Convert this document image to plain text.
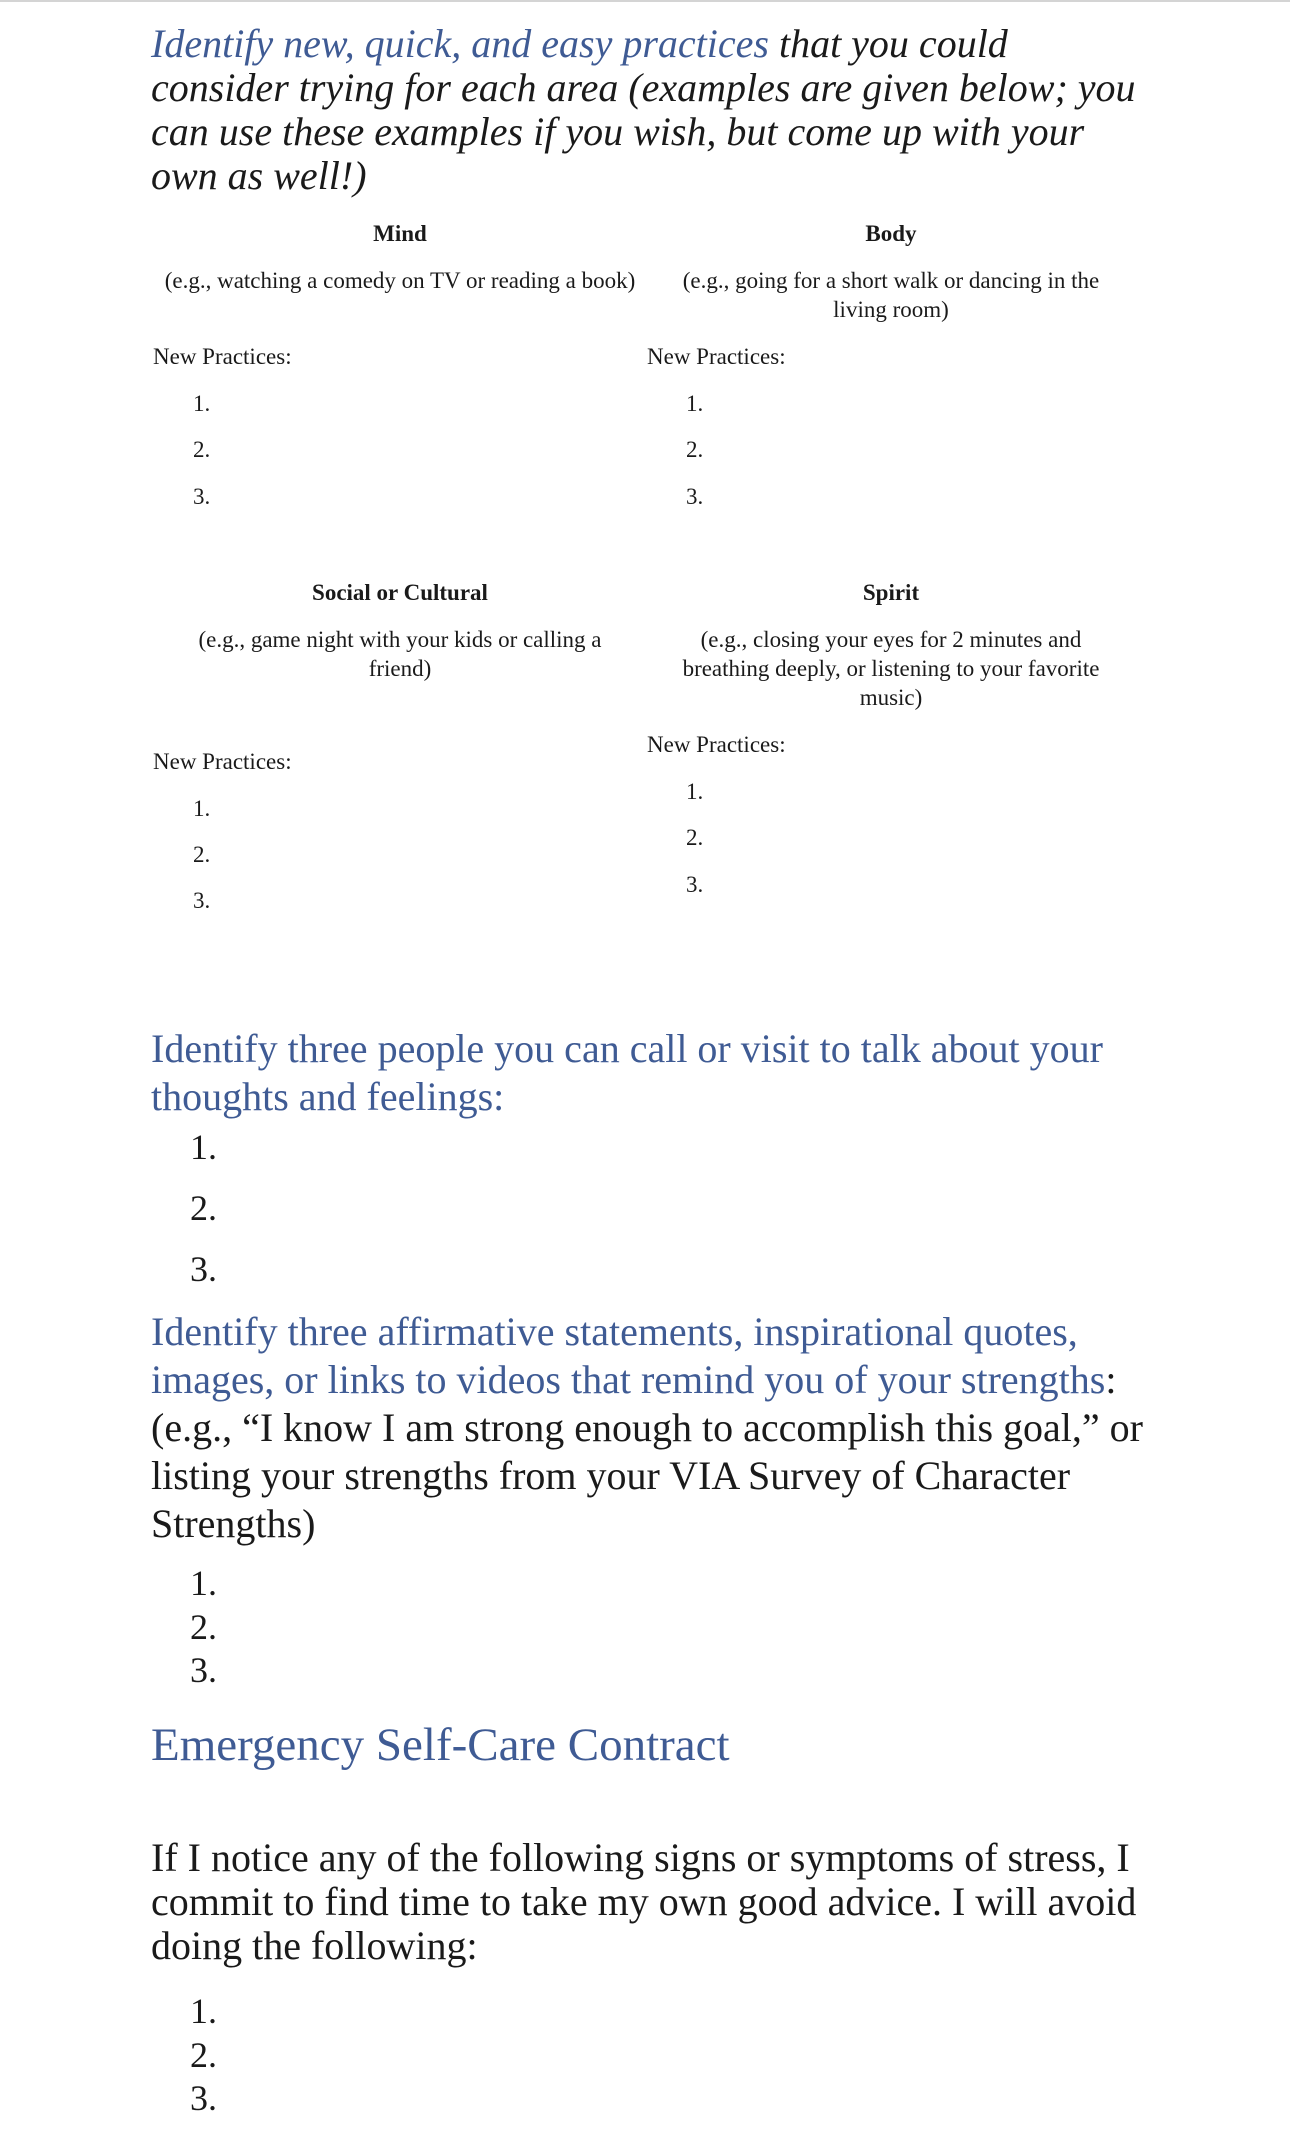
Identify new, quick, and easy practices that you could consider trying for each area (examples are given below; you can use these examples if you wish, but come up with your own as well!)
Mind
(e.g., watching a comedy on TV or reading a book)
New Practices:
1.
2.
3.
Body
(e.g., going for a short walk or dancing in the living room)
New Practices:
1.
2.
3.
Social or Cultural
(e.g., game night with your kids or calling a friend)
New Practices:
1.
2.
3.
Spirit
(e.g., closing your eyes for 2 minutes and breathing deeply, or listening to your favorite music)
New Practices:
1.
2.
3.
Identify three people you can call or visit to talk about your thoughts and feelings:
1.
2.
3.
Identify three affirmative statements, inspirational quotes, images, or links to videos that remind you of your strengths: (e.g., “I know I am strong enough to accomplish this goal,” or listing your strengths from your VIA Survey of Character Strengths)
1.
2.
3.
Emergency Self-Care Contract
If I notice any of the following signs or symptoms of stress, I commit to find time to take my own good advice. I will avoid doing the following:
1.
2.
3.
